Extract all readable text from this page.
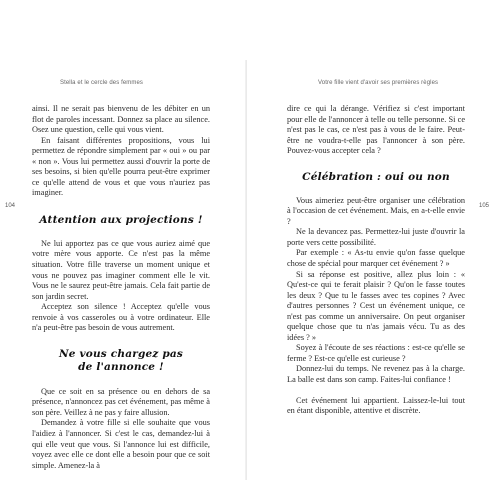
Stella et le cercle des femmes
104

ainsi. Il ne serait pas bienvenu de les débiter en un flot de paroles incessant. Donnez sa place au silence. Osez une question, celle qui vous vient.

En faisant différentes propositions, vous lui permettez de répondre simplement par « oui » ou par « non ». Vous lui permettez aussi d'ouvrir la porte de ses besoins, si bien qu'elle pourra peut-être exprimer ce qu'elle attend de vous et que vous n'auriez pas imaginer.

Attention aux projections !

Ne lui apportez pas ce que vous auriez aimé que votre mère vous apporte. Ce n'est pas la même situation. Votre fille traverse un moment unique et vous ne pouvez pas imaginer comment elle le vit. Vous ne le saurez peut-être jamais. Cela fait partie de son jardin secret.

Acceptez son silence ! Acceptez qu'elle vous renvoie à vos casseroles ou à votre ordinateur. Elle n'a peut-être pas besoin de vous autrement.

Ne vous chargez pas
de l'annonce !

Que ce soit en sa présence ou en dehors de sa présence, n'annoncez pas cet événement, pas même à son père. Veillez à ne pas y faire allusion.

Demandez à votre fille si elle souhaite que vous l'aidiez à l'annoncer. Si c'est le cas, demandez-lui à qui elle veut que vous. Si l'annonce lui est difficile, voyez avec elle ce dont elle a besoin pour que ce soit simple. Amenez-la à

Votre fille vient d'avoir ses premières règles
105

dire ce qui la dérange. Vérifiez si c'est important pour elle de l'annoncer à telle ou telle personne. Si ce n'est pas le cas, ce n'est pas à vous de le faire. Peut-être ne voudra-t-elle pas l'annoncer à son père. Pouvez-vous accepter cela ?

Célébration : oui ou non

Vous aimeriez peut-être organiser une célébration à l'occasion de cet événement. Mais, en a-t-elle envie ?

Ne la devancez pas. Permettez-lui juste d'ouvrir la porte vers cette possibilité.

Par exemple : « As-tu envie qu'on fasse quelque chose de spécial pour marquer cet événement ? »

Si sa réponse est positive, allez plus loin : « Qu'est-ce qui te ferait plaisir ? Qu'on le fasse toutes les deux ? Que tu le fasses avec tes copines ? Avec d'autres personnes ? Cest un événement unique, ce n'est pas comme un anniversaire. On peut organiser quelque chose que tu n'as jamais vécu. Tu as des idées ? »

Soyez à l'écoute de ses réactions : est-ce qu'elle se ferme ? Est-ce qu'elle est curieuse ?

Donnez-lui du temps. Ne revenez pas à la charge. La balle est dans son camp. Faites-lui confiance !

Cet événement lui appartient. Laissez-le-lui tout en étant disponible, attentive et discrète.
